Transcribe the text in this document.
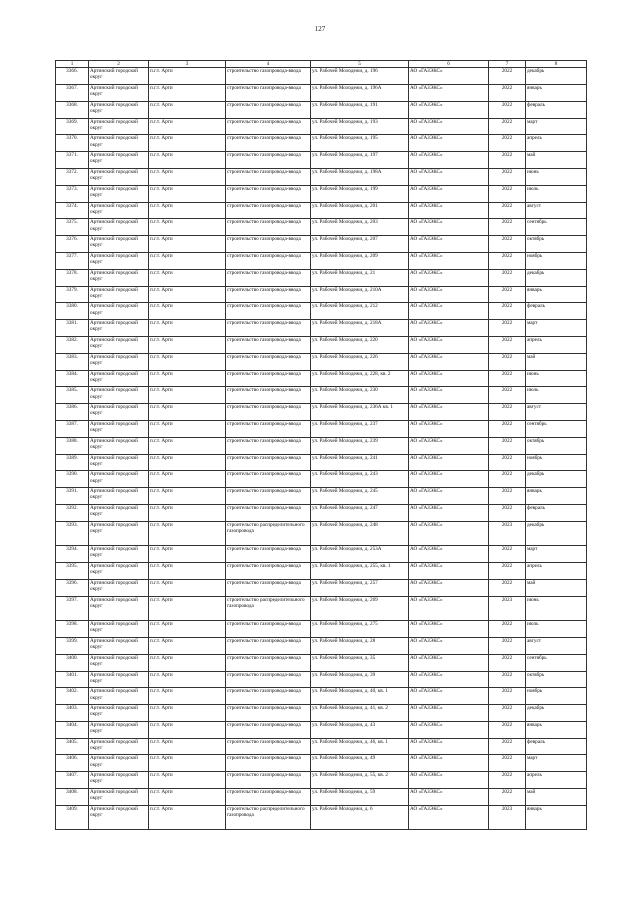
127
1	2	3	4	5	6	7	8
3366.	Артинский городской округ	п.г.т. Арти	строительство газопровода-ввода	ул. Рабочей Молодежи, д. 196	АО «ГАЗЭКС»	2022	декабрь
3367.	Артинский городской округ	п.г.т. Арти	строительство газопровода-ввода	ул. Рабочей Молодежи, д. 196А	АО «ГАЗЭКС»	2022	январь
3368.	Артинский городской округ	п.г.т. Арти	строительство газопровода-ввода	ул. Рабочей Молодежи, д. 191	АО «ГАЗЭКС»	2022	февраль
3369.	Артинский городской округ	п.г.т. Арти	строительство газопровода-ввода	ул. Рабочей Молодежи, д. 193	АО «ГАЗЭКС»	2022	март
3370.	Артинский городской округ	п.г.т. Арти	строительство газопровода-ввода	ул. Рабочей Молодежи, д. 195	АО «ГАЗЭКС»	2022	апрель
3371.	Артинский городской округ	п.г.т. Арти	строительство газопровода-ввода	ул. Рабочей Молодежи, д. 197	АО «ГАЗЭКС»	2022	май
3372.	Артинский городской округ	п.г.т. Арти	строительство газопровода-ввода	ул. Рабочей Молодежи, д. 198А	АО «ГАЗЭКС»	2022	июнь
3373.	Артинский городской округ	п.г.т. Арти	строительство газопровода-ввода	ул. Рабочей Молодежи, д. 199	АО «ГАЗЭКС»	2022	июль
3374.	Артинский городской округ	п.г.т. Арти	строительство газопровода-ввода	ул. Рабочей Молодежи, д. 201	АО «ГАЗЭКС»	2022	август
3375.	Артинский городской округ	п.г.т. Арти	строительство газопровода-ввода	ул. Рабочей Молодежи, д. 203	АО «ГАЗЭКС»	2022	сентябрь
3376.	Артинский городской округ	п.г.т. Арти	строительство газопровода-ввода	ул. Рабочей Молодежи, д. 207	АО «ГАЗЭКС»	2022	октябрь
3377.	Артинский городской округ	п.г.т. Арти	строительство газопровода-ввода	ул. Рабочей Молодежи, д. 209	АО «ГАЗЭКС»	2022	ноябрь
3378.	Артинский городской округ	п.г.т. Арти	строительство газопровода-ввода	ул. Рабочей Молодежи, д. 21	АО «ГАЗЭКС»	2022	декабрь
3379.	Артинский городской округ	п.г.т. Арти	строительство газопровода-ввода	ул. Рабочей Молодежи, д. 210А	АО «ГАЗЭКС»	2022	январь
3380.	Артинский городской округ	п.г.т. Арти	строительство газопровода-ввода	ул. Рабочей Молодежи, д. 212	АО «ГАЗЭКС»	2022	февраль
3381.	Артинский городской округ	п.г.т. Арти	строительство газопровода-ввода	ул. Рабочей Молодежи, д. 218А	АО «ГАЗЭКС»	2022	март
3382.	Артинский городской округ	п.г.т. Арти	строительство газопровода-ввода	ул. Рабочей Молодежи, д. 220	АО «ГАЗЭКС»	2022	апрель
3383.	Артинский городской округ	п.г.т. Арти	строительство газопровода-ввода	ул. Рабочей Молодежи, д. 226	АО «ГАЗЭКС»	2022	май
3384.	Артинский городской округ	п.г.т. Арти	строительство газопровода-ввода	ул. Рабочей Молодежи, д. 228, кв. 2	АО «ГАЗЭКС»	2022	июнь
3385.	Артинский городской округ	п.г.т. Арти	строительство газопровода-ввода	ул. Рабочей Молодежи, д. 230	АО «ГАЗЭКС»	2022	июль
3386.	Артинский городской округ	п.г.т. Арти	строительство газопровода-ввода	ул. Рабочей Молодежи, д. 236А кв. 1	АО «ГАЗЭКС»	2022	август
3387.	Артинский городской округ	п.г.т. Арти	строительство газопровода-ввода	ул. Рабочей Молодежи, д. 237	АО «ГАЗЭКС»	2022	сентябрь
3388.	Артинский городской округ	п.г.т. Арти	строительство газопровода-ввода	ул. Рабочей Молодежи, д. 239	АО «ГАЗЭКС»	2022	октябрь
3389.	Артинский городской округ	п.г.т. Арти	строительство газопровода-ввода	ул. Рабочей Молодежи, д. 241	АО «ГАЗЭКС»	2022	ноябрь
3390.	Артинский городской округ	п.г.т. Арти	строительство газопровода-ввода	ул. Рабочей Молодежи, д. 243	АО «ГАЗЭКС»	2022	декабрь
3391.	Артинский городской округ	п.г.т. Арти	строительство газопровода-ввода	ул. Рабочей Молодежи, д. 245	АО «ГАЗЭКС»	2022	январь
3392.	Артинский городской округ	п.г.т. Арти	строительство газопровода-ввода	ул. Рабочей Молодежи, д. 247	АО «ГАЗЭКС»	2022	февраль
3393.	Артинский городской округ	п.г.т. Арти	строительство распределительного газопровода	ул. Рабочей Молодежи, д. 248	АО «ГАЗЭКС»	2023	декабрь
3394.	Артинский городской округ	п.г.т. Арти	строительство газопровода-ввода	ул. Рабочей Молодежи, д. 253А	АО «ГАЗЭКС»	2022	март
3395.	Артинский городской округ	п.г.т. Арти	строительство газопровода-ввода	ул. Рабочей Молодежи, д. 255, кв. 1	АО «ГАЗЭКС»	2022	апрель
3396.	Артинский городской округ	п.г.т. Арти	строительство газопровода-ввода	ул. Рабочей Молодежи, д. 257	АО «ГАЗЭКС»	2022	май
3397.	Артинский городской округ	п.г.т. Арти	строительство распределительного газопровода	ул. Рабочей Молодежи, д. 269	АО «ГАЗЭКС»	2023	июнь
3398.	Артинский городской округ	п.г.т. Арти	строительство газопровода-ввода	ул. Рабочей Молодежи, д. 275	АО «ГАЗЭКС»	2022	июль
3399.	Артинский городской округ	п.г.т. Арти	строительство газопровода-ввода	ул. Рабочей Молодежи, д. 28	АО «ГАЗЭКС»	2022	август
3400.	Артинский городской округ	п.г.т. Арти	строительство газопровода-ввода	ул. Рабочей Молодежи, д. 35	АО «ГАЗЭКС»	2022	сентябрь
3401.	Артинский городской округ	п.г.т. Арти	строительство газопровода-ввода	ул. Рабочей Молодежи, д. 39	АО «ГАЗЭКС»	2022	октябрь
3402.	Артинский городской округ	п.г.т. Арти	строительство газопровода-ввода	ул. Рабочей Молодежи, д. 40, кв. 1	АО «ГАЗЭКС»	2022	ноябрь
3403.	Артинский городской округ	п.г.т. Арти	строительство газопровода-ввода	ул. Рабочей Молодежи, д. 41, кв. 2	АО «ГАЗЭКС»	2022	декабрь
3404.	Артинский городской округ	п.г.т. Арти	строительство газопровода-ввода	ул. Рабочей Молодежи, д. 43	АО «ГАЗЭКС»	2022	январь
3405.	Артинский городской округ	п.г.т. Арти	строительство газопровода-ввода	ул. Рабочей Молодежи, д. 46, кв. 1	АО «ГАЗЭКС»	2022	февраль
3406.	Артинский городской округ	п.г.т. Арти	строительство газопровода-ввода	ул. Рабочей Молодежи, д. 49	АО «ГАЗЭКС»	2022	март
3407.	Артинский городской округ	п.г.т. Арти	строительство газопровода-ввода	ул. Рабочей Молодежи, д. 55, кв. 2	АО «ГАЗЭКС»	2022	апрель
3408.	Артинский городской округ	п.г.т. Арти	строительство газопровода-ввода	ул. Рабочей Молодежи, д. 59	АО «ГАЗЭКС»	2022	май
3409.	Артинский городской округ	п.г.т. Арти	строительство распределительного газопровода	ул. Рабочей Молодежи, д. 6	АО «ГАЗЭКС»	2023	январь
